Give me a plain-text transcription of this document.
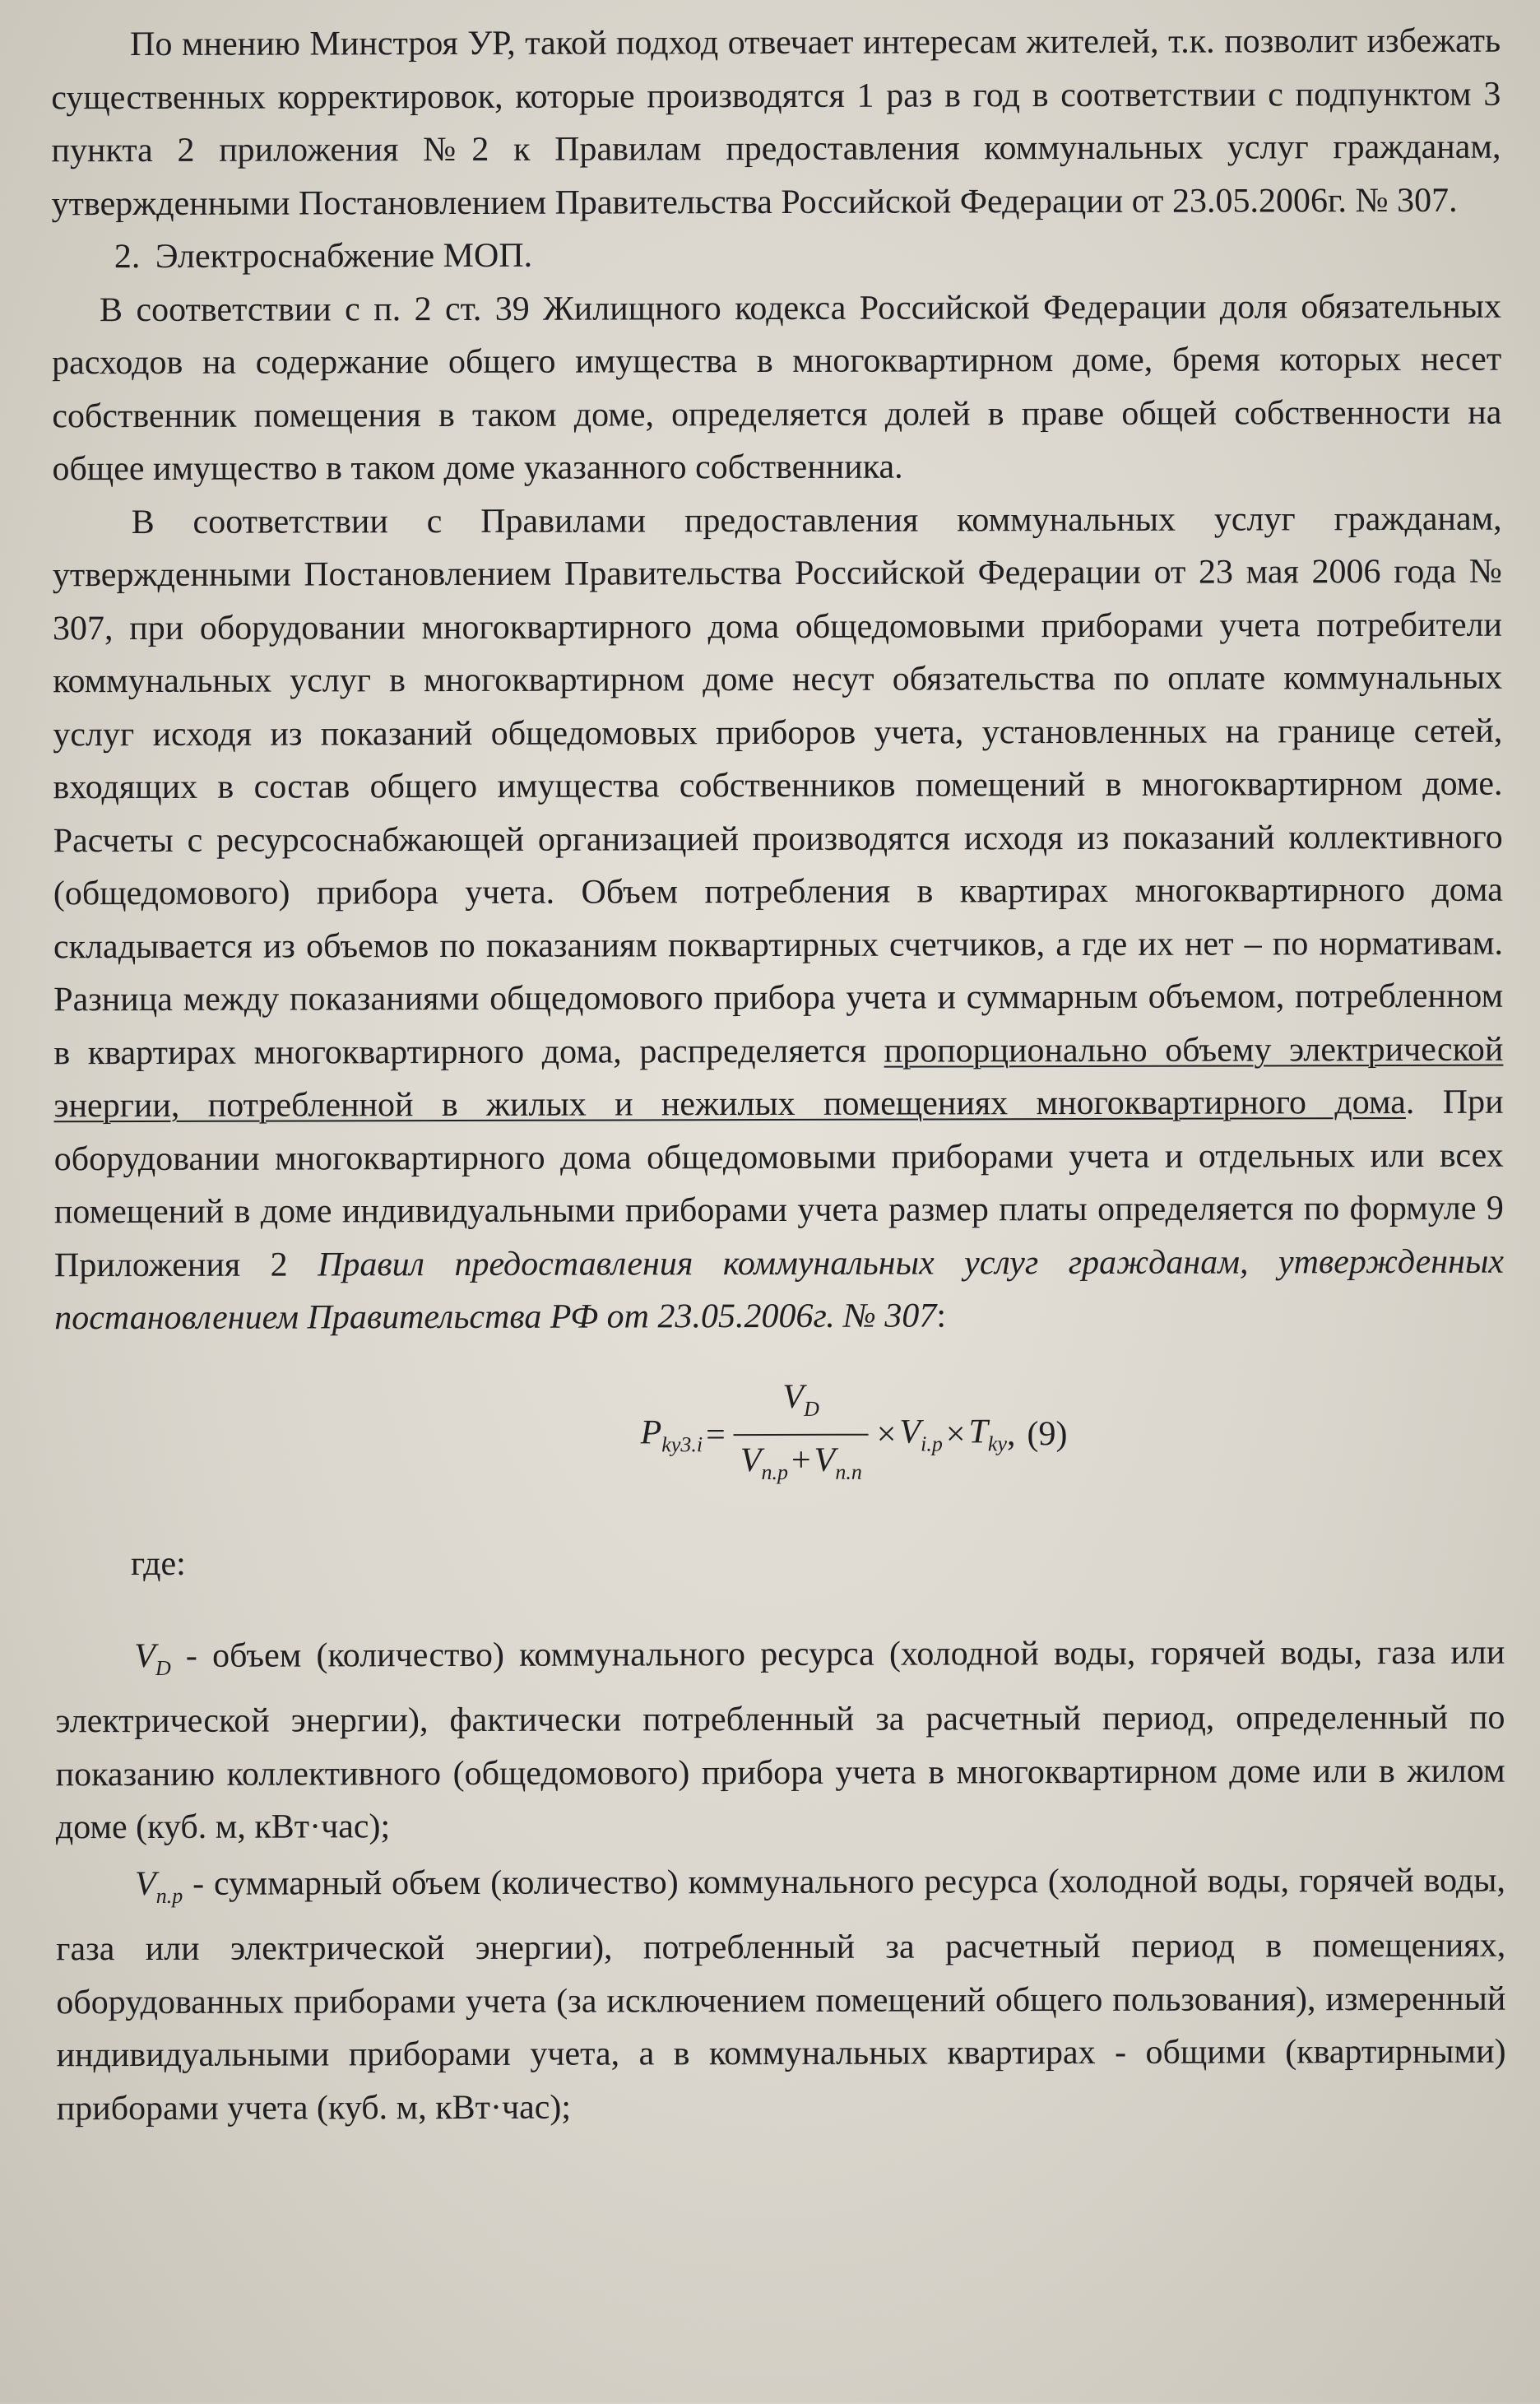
По мнению Минстроя УР, такой подход отвечает интересам жителей, т.к. позволит избежать существенных корректировок, которые производятся 1 раз в год в соответствии с подпунктом 3 пункта 2 приложения №2 к Правилам предоставления коммунальных услуг гражданам, утвержденными Постановлением Правительства Российской Федерации от 23.05.2006г. № 307.

2. Электроснабжение МОП.

В соответствии с п. 2 ст. 39 Жилищного кодекса Российской Федерации доля обязательных расходов на содержание общего имущества в многоквартирном доме, бремя которых несет собственник помещения в таком доме, определяется долей в праве общей собственности на общее имущество в таком доме указанного собственника.

В соответствии с Правилами предоставления коммунальных услуг гражданам, утвержденными Постановлением Правительства Российской Федерации от 23 мая 2006 года № 307, при оборудовании многоквартирного дома общедомовыми приборами учета потребители коммунальных услуг в многоквартирном доме несут обязательства по оплате коммунальных услуг исходя из показаний общедомовых приборов учета, установленных на границе сетей, входящих в состав общего имущества собственников помещений в многоквартирном доме. Расчеты с ресурсоснабжающей организацией производятся исходя из показаний коллективного (общедомового) прибора учета. Объем потребления в квартирах многоквартирного дома складывается из объемов по показаниям поквартирных счетчиков, а где их нет – по нормативам. Разница между показаниями общедомового прибора учета и суммарным объемом, потребленном в квартирах многоквартирного дома, распределяется пропорционально объему электрической энергии, потребленной в жилых и нежилых помещениях многоквартирного дома. При оборудовании многоквартирного дома общедомовыми приборами учета и отдельных или всех помещений в доме индивидуальными приборами учета размер платы определяется по формуле 9 Приложения 2 Правил предоставления коммунальных услуг гражданам, утвержденных постановлением Правительства РФ от 23.05.2006г. № 307:

$P_{ky3.i} = \frac{V_D}{V_{n.p}+V_{n.n}} \times V_{i.p} \times T_{ky}$ , (9)

где:

$V_D$ - объем (количество) коммунального ресурса (холодной воды, горячей воды, газа или электрической энергии), фактически потребленный за расчетный период, определенный по показанию коллективного (общедомового) прибора учета в многоквартирном доме или в жилом доме (куб. м, кВт·час);

$V_{n.p}$ - суммарный объем (количество) коммунального ресурса (холодной воды, горячей воды, газа или электрической энергии), потребленный за расчетный период в помещениях, оборудованных приборами учета (за исключением помещений общего пользования), измеренный индивидуальными приборами учета, а в коммунальных квартирах - общими (квартирными) приборами учета (куб. м, кВт·час);
